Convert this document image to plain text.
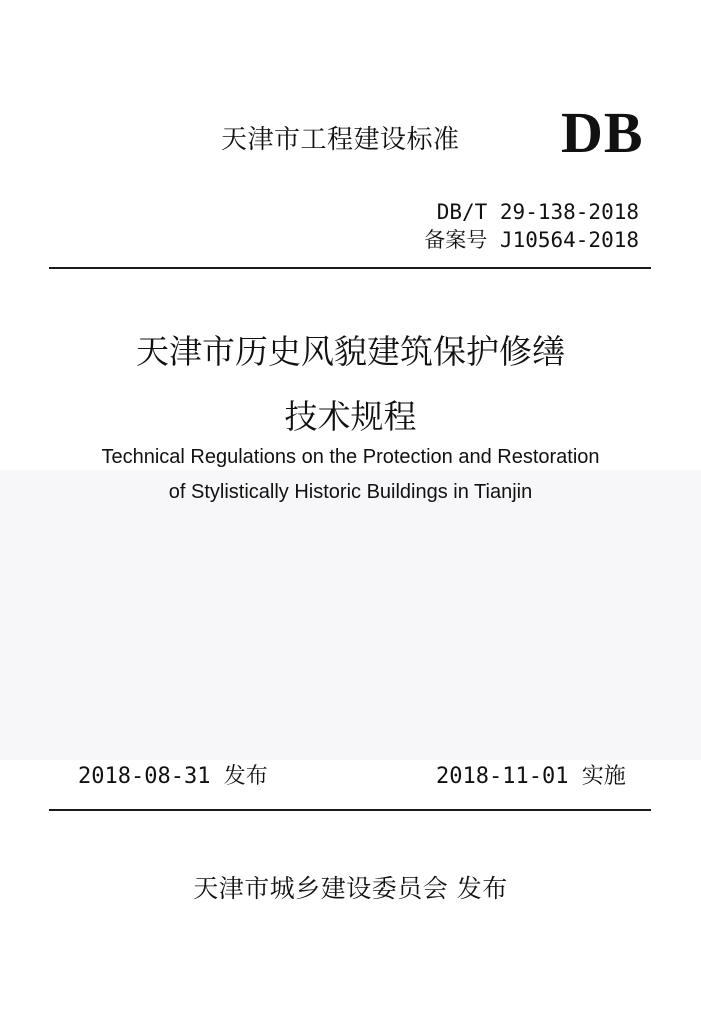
天津市工程建设标准 DB
DB/T 29-138-2018
备案号 J10564-2018
天津市历史风貌建筑保护修缮
技术规程
Technical Regulations on the Protection and Restoration
of Stylistically Historic Buildings in Tianjin
2018-08-31 发布	2018-11-01 实施
天津市城乡建设委员会 发布
